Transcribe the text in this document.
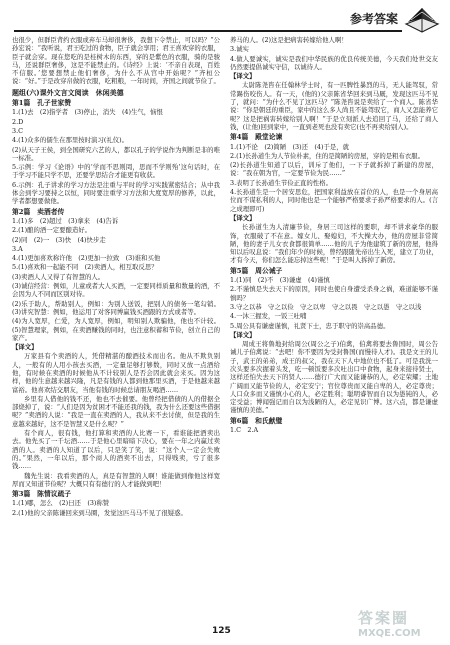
参考答案

也很少，但群臣背约衣服或弃车马却很奢侈，我想下令禁止，可以吗？”公孙宏说：“我听说，君王吃过的食物，臣子就会享用；君王喜欢穿的衣服，臣子就会穿。现在您吃的是桂树木的东西，穿的是紫色的衣服，骑的是骏马，还说群臣奢侈，这是不能禁止的。《诗经》上说：‘不亲自表现，百姓不信服。’您要想禁止他们奢侈，为什么不从宫中开始呢？”齐桓公说：“好。”于是改穿帛做的衣服，吃粗粮，一年时间，齐国之间就节俭了。

题组(六)课外文言文阅读　休闲美德
第1篇　孔子世家赞

1.(1)去　(2)指学者　(3)停止，消失　(4)生气，恼恨

2.D

3.C

4.(1)众多的儒生在那里按时演习(礼仪)。

(2)从天子王侯，到全国研究六艺的人，都以孔子的学说作为判断是非的唯一标准。

5.示例：学习《论语》中的‘学而不思则罔，思而不学则殆’这句话时，在于学习不能只学不思，还要学思结合才能更有收获。

6.示例：孔子讲求的学习方法是注重与平时的学习实践紧密结合；从中我体会到学习要持之以恒，同时要注重学习方法和大度宽厚的修养，以此，学者都想要做他。

第2篇　卖酒者传

1.(1)多　(2)超过　(3)拿来　(4)告诉

2.(1)酿的酒一定要酿造好。

(2)同　(2)一　(3)快　(4)快步走

3.A

4.(1)更加喜欢称许他　(2)更加一拉致　(3)谁和买他

5.(1)喜欢和一起能不同　(2)卖酒人，相互取反思？

(3)卖酒人人又得了有智慧的人。

(3)诚信经营：例如，儿童或者大人买酒，一定要同样质量和数量的酒，不会因为人不同而区别对待。

(2)乐于助人，帮助别人，例如：为别人送饭，把别人的债务一笔勾销。(3)讲究智慧：例如，他运用了对客同博赢钱买酒跟的方式或者等。

(4)为人宽厚，仁爱，为人宽厚，例如，明知别人欺骗他，他也不计较。(5)智慧理家，例如，在卖酒赚钱的同时，也注意积蓄和节俭，创立自己的家产。

【译文】

万家县有个卖酒的人，凭借精湛的酿酒技术而出名。他从不欺负别人，一般有的人用小孩去买酒，一定量足够打够数，同时又放一点酒给他，有时候在卖酒的时候他从不计较别人是否会因此就会来买。因为这样，他的生意越来越兴隆，凡是有钱的人都到他那里买酒，于是他越来越富裕。他喜欢结交朋友，当他有钱的时候总请朋友喝酒……

乡里有人借他的钱不还，他也不去催要。他曾经把借债的人的借据全部烧掉了，说：“人们是因为贫困才不能还我的钱，我为什么还要这些借据呢？”卖酒的人说：“我是一直在卖酒的人，我从来不去讨债，但是我的生意越来越好，这不是智慧又是什么呢？”

有个商人，很有钱，他打算和卖酒的人比赛一下，看谁能把酒卖出去。他先买了一千坛酒……于是他心里暗暗下决心，要在一年之内赢过卖酒的人。卖酒的人知道了以后，只是笑了笑，说：“这个人一定会失败的。”果然，一年以后，那个商人的酒卖不出去，只得贱卖，亏了很多钱……

魏先生说：我看卖酒的人，真是有智慧的人啊！谁能做到像他这样宽厚而又知道节俭呢？大概只有有德行的人才能做到吧！

第3篇　陈情议疏子

1.(1)哪，怎么　(2)曰还　(3)称赞

2.(1)他的父亲陈谦回来到马圈，发觉这匹马马不见了很疑惑。

养马的人。(2)这是把病害转嫁给他人啊！

3.诚实

4.做人要诚实，诚实是我们中华民族的优良传统美德，今天我们处世交友仍然要提倡诚实守信，以诚待人。

【译文】

太尉陈尧咨在任翰林学士时，有一匹脾性暴烈的马，无人能驾驭，常常踢伤咬伤人。有一天，(他的)父亲陈省华回来到马厩，发现这匹马不见了，就问：“为什么不见了这匹马？”陈尧咨说是卖给了一个商人。陈省华说：“你是朝廷的重臣，家中的这么多人尚且不能驾驭它，商人又怎能养它呢？这是把祸害转嫁给别人啊！”于是立刻派人去追回了马，还给了商人钱，(让他)回到家中，一直到老死也没有卖它(也不再卖给别人)。

第4篇　殿堂论谏

1.(1)不论　(2)简陋　(3)还　(4)于是，就

2.(1)长孙道生为人节俭朴素，住的是简陋的房屋，穿的是粗布衣服。

(2)长孙道生知道了以后，训斥了他们，一下子就拆掉了新建的房屋，说：“我在朝为官，一定要节俭为民……”

3.表明了长孙道生节俭正直的性格。

4.长孙道生是一个居安思危，把国家利益放在首位的人，也是一个身居高位而不谋私利的人，同时他也是一个能够严格要求子孙严格要求的人。(言之成理即可)

【译文】

长孙道生为人清廉节俭，身居三司这样的要职，却不讲求豪华的服饰，衣服破了不在意。嫁女儿、娶媳妇，不大操大办，他的房屋非常简陋，他的妻子儿女衣食都很简单……他的儿子为他建筑了新的房屋，他得知以后叹息说：“我们年少的时候，曾经跟随先帝出生入死，建立了功业，才有今天，你们怎么能忘掉这些呢！”于是叫人拆掉了新房。

第5篇　周公诫子

1.(1)同　(2)不　(3)谦虚　(4)谨慎

2.不谨慎是失去天下的原因，同时也使自身遭受杀身之祸，难道能够不谨慎吗？

3.守之以恭　守之以俭　守之以卑　守之以畏　守之以愚　守之以浅

4.一沐三握发，一饭三吐哺

5.周公具有谦虚谨慎，礼贤下士，忠于职守的崇高品德。

【译文】

周成王将鲁地封给周公(周公之子)伯禽，伯禽将要去鲁国时，周公告诫儿子伯禽说：“去吧！你不要因为受封鲁国(而慢待人才)。我是文王的儿子，武王的弟弟，成王的叔父，我在天下人中地位也不低了。可是我洗一次头要多次握着头发，吃一顿饭要多次吐出口中食物，起身来接待贤士，这样还怕失去天下的贤人……德行广大而又能谦恭的人，必定荣耀；土地广阔而又能节俭的人，必定安宁；官位尊贵而又能自卑的人，必定尊贵；人口众多而又谨慎小心的人，必定胜利；聪明睿智而自以为愚钝的人，必定受益；博闻强记而自以为浅陋的人，必定见识广博。这六点，都是谦虚谨慎的美德。”

第6篇　和氏献璧

1.C　2.A

125
答案圈
MXQE.COM
